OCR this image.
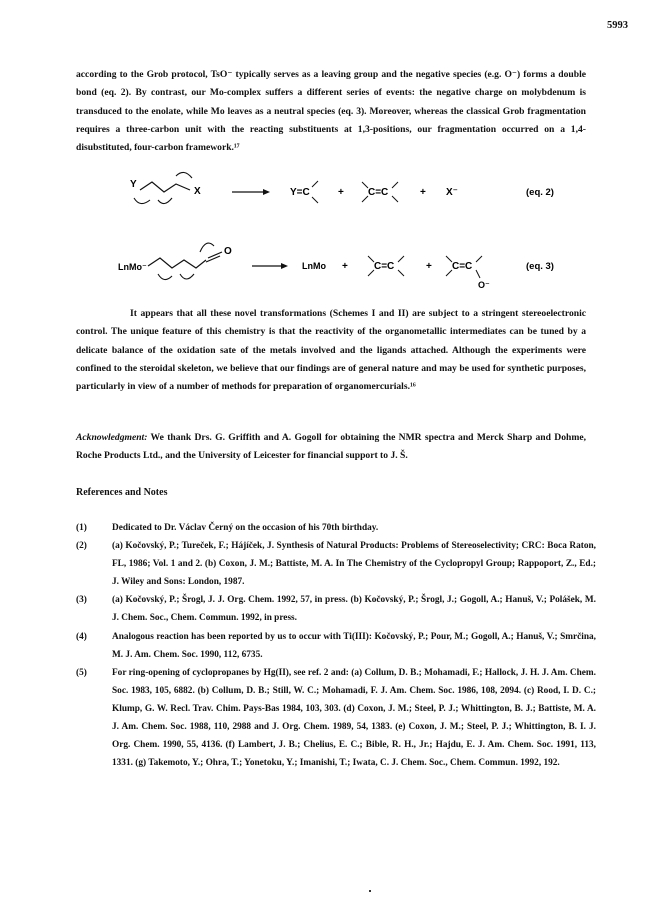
5993

according to the Grob protocol, TsO⁻ typically serves as a leaving group and the negative species (e.g. O⁻) forms a double bond (eq. 2). By contrast, our Mo-complex suffers a different series of events: the negative charge on molybdenum is transduced to the enolate, while Mo leaves as a neutral species (eq. 3). Moreover, whereas the classical Grob fragmentation requires a three-carbon unit with the reacting substituents at 1,3-positions, our fragmentation occurred on a 1,4-disubstituted, four-carbon framework.¹⁷

Y
X	Y=C	+ C=C	+ X⁻	(eq. 2)
LnMo⁻
O
LnMo +	C=C	+ C=C
O⁻
(eq. 3)

It appears that all these novel transformations (Schemes I and II) are subject to a stringent stereoelectronic control. The unique feature of this chemistry is that the reactivity of the organometallic intermediates can be tuned by a delicate balance of the oxidation sate of the metals involved and the ligands attached. Although the experiments were confined to the steroidal skeleton, we believe that our findings are of general nature and may be used for synthetic purposes, particularly in view of a number of methods for preparation of organomercurials.¹⁶

Acknowledgment: We thank Drs. G. Griffith and A. Gogoll for obtaining the NMR spectra and Merck Sharp and Dohme, Roche Products Ltd., and the University of Leicester for financial support to J. Š.

References and Notes
(1)	Dedicated to Dr. Václav Černý on the occasion of his 70th birthday.
(2)	(a) Kočovský, P.; Tureček, F.; Hájíček, J. Synthesis of Natural Products: Problems of Stereoselectivity; CRC: Boca Raton, FL, 1986; Vol. 1 and 2. (b) Coxon, J. M.; Battiste, M. A. In The Chemistry of the Cyclopropyl Group; Rappoport, Z., Ed.; J. Wiley and Sons: London, 1987.
(3)	(a) Kočovský, P.; Šrogl, J. J. Org. Chem. 1992, 57, in press. (b) Kočovský, P.; Šrogl, J.; Gogoll, A.; Hanuš, V.; Polášek, M. J. Chem. Soc., Chem. Commun. 1992, in press.
(4)	Analogous reaction has been reported by us to occur with Ti(III): Kočovský, P.; Pour, M.; Gogoll, A.; Hanuš, V.; Smrčina, M. J. Am. Chem. Soc. 1990, 112, 6735.
(5)	For ring-opening of cyclopropanes by Hg(II), see ref. 2 and: (a) Collum, D. B.; Mohamadi, F.; Hallock, J. H. J. Am. Chem. Soc. 1983, 105, 6882. (b) Collum, D. B.; Still, W. C.; Mohamadi, F. J. Am. Chem. Soc. 1986, 108, 2094. (c) Rood, I. D. C.; Klump, G. W. Recl. Trav. Chim. Pays-Bas 1984, 103, 303. (d) Coxon, J. M.; Steel, P. J.; Whittington, B. J.; Battiste, M. A. J. Am. Chem. Soc. 1988, 110, 2988 and J. Org. Chem. 1989, 54, 1383. (e) Coxon, J. M.; Steel, P. J.; Whittington, B. I. J. Org. Chem. 1990, 55, 4136. (f) Lambert, J. B.; Chelius, E. C.; Bible, R. H., Jr.; Hajdu, E. J. Am. Chem. Soc. 1991, 113, 1331. (g) Takemoto, Y.; Ohra, T.; Yonetoku, Y.; Imanishi, T.; Iwata, C. J. Chem. Soc., Chem. Commun. 1992, 192.
